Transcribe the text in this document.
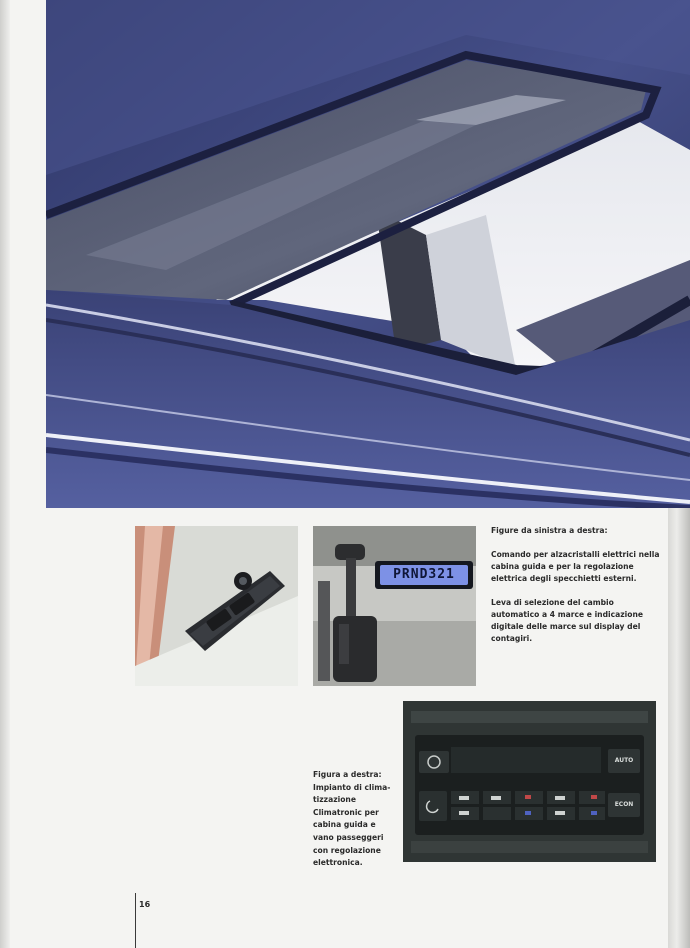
PRND321

Figure da sinistra a destra:

Comando per alzacristalli elettrici nella cabina guida e per la regolazione elettrica degli specchietti esterni.

Leva di selezione del cambio automatico a 4 marce e indicazione digitale delle marce sul display del contagiri.

Figura a destra:

Impianto di clima-tizzazione Climatronic per cabina guida e vano passeggeri con regolazione elettronica.

AUTO
ECON
16
